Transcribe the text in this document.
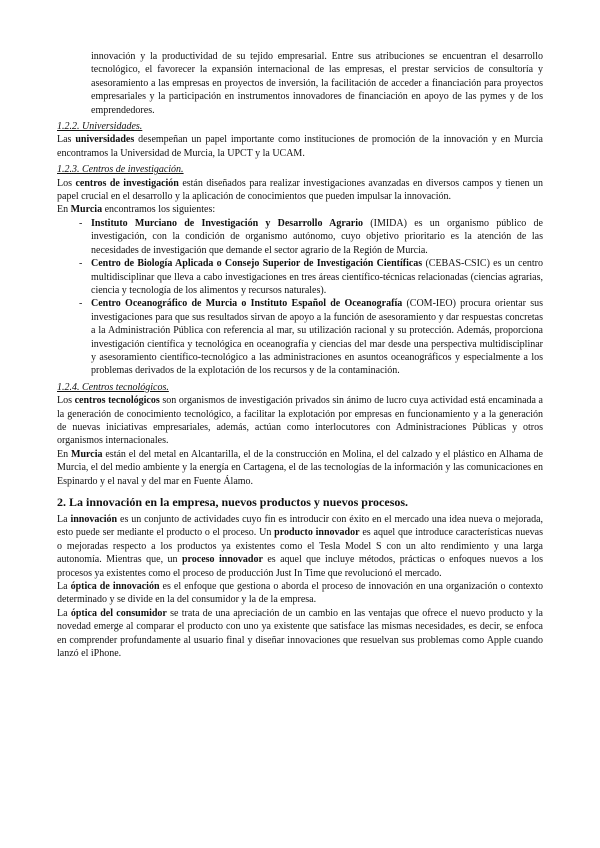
innovación y la productividad de su tejido empresarial. Entre sus atribuciones se encuentran el desarrollo tecnológico, el favorecer la expansión internacional de las empresas, el prestar servicios de consultoría y asesoramiento a las empresas en proyectos de inversión, la facilitación de acceder a financiación para proyectos empresariales y la participación en instrumentos innovadores de financiación en apoyo de las pymes y de los emprendedores.

1.2.2. Universidades.

Las universidades desempeñan un papel importante como instituciones de promoción de la innovación y en Murcia encontramos la Universidad de Murcia, la UPCT y la UCAM.

1.2.3. Centros de investigación.

Los centros de investigación están diseñados para realizar investigaciones avanzadas en diversos campos y tienen un papel crucial en el desarrollo y la aplicación de conocimientos que pueden impulsar la innovación.

En Murcia encontramos los siguientes:

- Instituto Murciano de Investigación y Desarrollo Agrario (IMIDA) es un organismo público de investigación, con la condición de organismo autónomo, cuyo objetivo prioritario es la atención de las necesidades de investigación que demande el sector agrario de la Región de Murcia.
- Centro de Biología Aplicada o Consejo Superior de Investigación Científicas (CEBAS-CSIC) es un centro multidisciplinar que lleva a cabo investigaciones en tres áreas científico-técnicas relacionadas (ciencias agrarias, ciencia y tecnología de los alimentos y recursos naturales).
- Centro Oceanográfico de Murcia o Instituto Español de Oceanografía (COM-IEO) procura orientar sus investigaciones para que sus resultados sirvan de apoyo a la función de asesoramiento y dar respuestas concretas a la Administración Pública con referencia al mar, su utilización racional y su protección. Además, proporciona investigación científica y tecnológica en oceanografía y ciencias del mar desde una perspectiva multidisciplinar y asesoramiento científico-tecnológico a las administraciones en asuntos oceanográficos y especialmente a los problemas derivados de la explotación de los recursos y de la contaminación.

1.2.4. Centros tecnológicos.

Los centros tecnológicos son organismos de investigación privados sin ánimo de lucro cuya actividad está encaminada a la generación de conocimiento tecnológico, a facilitar la explotación por empresas en funcionamiento y a la generación de nuevas iniciativas empresariales, además, actúan como interlocutores con Administraciones Públicas y otros organismos internacionales.

En Murcia están el del metal en Alcantarilla, el de la construcción en Molina, el del calzado y el plástico en Alhama de Murcia, el del medio ambiente y la energía en Cartagena, el de las tecnologías de la información y las comunicaciones en Espinardo y el naval y del mar en Fuente Álamo.

2. La innovación en la empresa, nuevos productos y nuevos procesos.

La innovación es un conjunto de actividades cuyo fin es introducir con éxito en el mercado una idea nueva o mejorada, esto puede ser mediante el producto o el proceso. Un producto innovador es aquel que introduce características nuevas o mejoradas respecto a los productos ya existentes como el Tesla Model S con un alto rendimiento y una larga autonomía. Mientras que, un proceso innovador es aquel que incluye métodos, prácticas o enfoques nuevos a los procesos ya existentes como el proceso de producción Just In Time que revolucionó el mercado.

La óptica de innovación es el enfoque que gestiona o aborda el proceso de innovación en una organización o contexto determinado y se divide en la del consumidor y la de la empresa.

La óptica del consumidor se trata de una apreciación de un cambio en las ventajas que ofrece el nuevo producto y la novedad emerge al comparar el producto con uno ya existente que satisface las mismas necesidades, es decir, se enfoca en comprender profundamente al usuario final y diseñar innovaciones que resuelvan sus problemas como Apple cuando lanzó el iPhone.
